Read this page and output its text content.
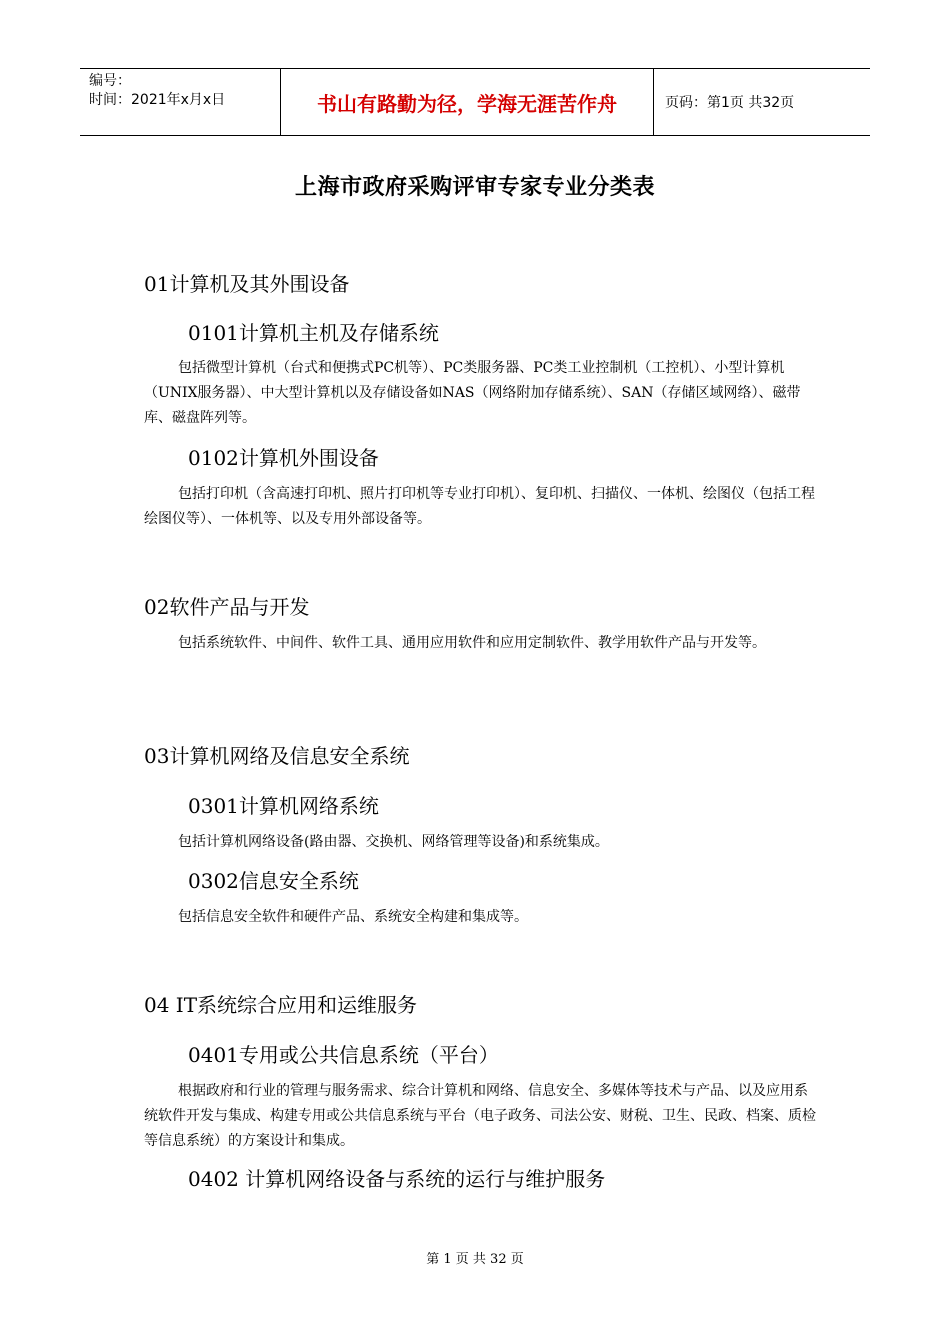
编号：
时间：2021年x月x日	书山有路勤为径，学海无涯苦作舟	页码：第1页 共32页
上海市政府采购评审专家专业分类表
01计算机及其外围设备
0101计算机主机及存储系统
包括微型计算机（台式和便携式PC机等）、PC类服务器、PC类工业控制机（工控机）、小型计算机（UNIX服务器）、中大型计算机以及存储设备如NAS（网络附加存储系统）、SAN（存储区域网络）、磁带库、磁盘阵列等。
0102计算机外围设备
包括打印机（含高速打印机、照片打印机等专业打印机）、复印机、扫描仪、一体机、绘图仪（包括工程绘图仪等）、一体机等、以及专用外部设备等。
02软件产品与开发
包括系统软件、中间件、软件工具、通用应用软件和应用定制软件、教学用软件产品与开发等。
03计算机网络及信息安全系统
0301计算机网络系统
包括计算机网络设备(路由器、交换机、网络管理等设备)和系统集成。
0302信息安全系统
包括信息安全软件和硬件产品、系统安全构建和集成等。
04 IT系统综合应用和运维服务
0401专用或公共信息系统（平台）
根据政府和行业的管理与服务需求、综合计算机和网络、信息安全、多媒体等技术与产品、以及应用系统软件开发与集成、构建专用或公共信息系统与平台（电子政务、司法公安、财税、卫生、民政、档案、质检等信息系统）的方案设计和集成。
0402 计算机网络设备与系统的运行与维护服务
第 1 页 共 32 页
